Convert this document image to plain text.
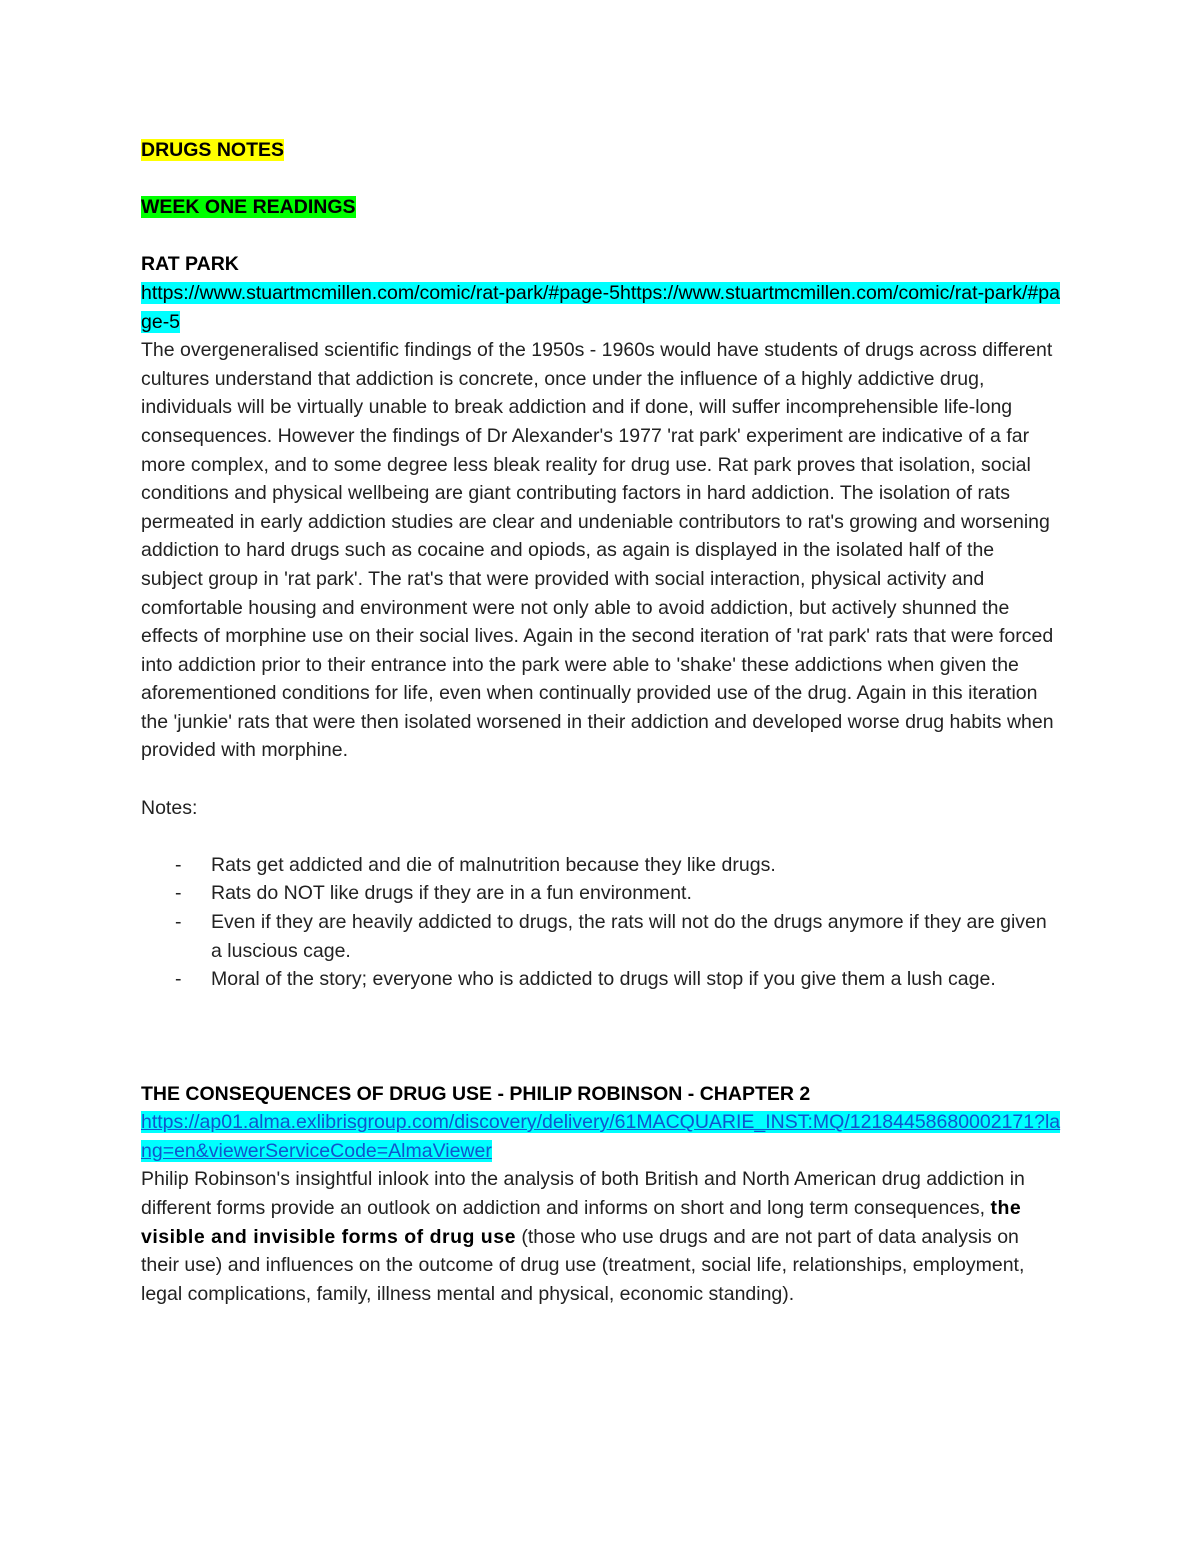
DRUGS NOTES

WEEK ONE READINGS

RAT PARK

https://www.stuartmcmillen.com/comic/rat-park/#page-5https://www.stuartmcmillen.com/comic/rat-park/#page-5

The overgeneralised scientific findings of the 1950s - 1960s would have students of drugs across different cultures understand that addiction is concrete, once under the influence of a highly addictive drug, individuals will be virtually unable to break addiction and if done, will suffer incomprehensible life-long consequences. However the findings of Dr Alexander's 1977 'rat park' experiment are indicative of a far more complex, and to some degree less bleak reality for drug use. Rat park proves that isolation, social conditions and physical wellbeing are giant contributing factors in hard addiction. The isolation of rats permeated in early addiction studies are clear and undeniable contributors to rat's growing and worsening addiction to hard drugs such as cocaine and opiods, as again is displayed in the isolated half of the subject group in 'rat park'. The rat's that were provided with social interaction, physical activity and comfortable housing and environment were not only able to avoid addiction, but actively shunned the effects of morphine use on their social lives. Again in the second iteration of 'rat park' rats that were forced into addiction prior to their entrance into the park were able to 'shake' these addictions when given the aforementioned conditions for life, even when continually provided use of the drug. Again in this iteration the 'junkie' rats that were then isolated worsened in their addiction and developed worse drug habits when provided with morphine.

Notes:

- Rats get addicted and die of malnutrition because they like drugs.
- Rats do NOT like drugs if they are in a fun environment.
- Even if they are heavily addicted to drugs, the rats will not do the drugs anymore if they are given a luscious cage.
- Moral of the story; everyone who is addicted to drugs will stop if you give them a lush cage.

THE CONSEQUENCES OF DRUG USE - PHILIP ROBINSON - CHAPTER 2

https://ap01.alma.exlibrisgroup.com/discovery/delivery/61MACQUARIE_INST:MQ/12184458680002171?lang=en&viewerServiceCode=AlmaViewer

Philip Robinson's insightful inlook into the analysis of both British and North American drug addiction in different forms provide an outlook on addiction and informs on short and long term consequences, the visible and invisible forms of drug use (those who use drugs and are not part of data analysis on their use) and influences on the outcome of drug use (treatment, social life, relationships, employment, legal complications, family, illness mental and physical, economic standing).
